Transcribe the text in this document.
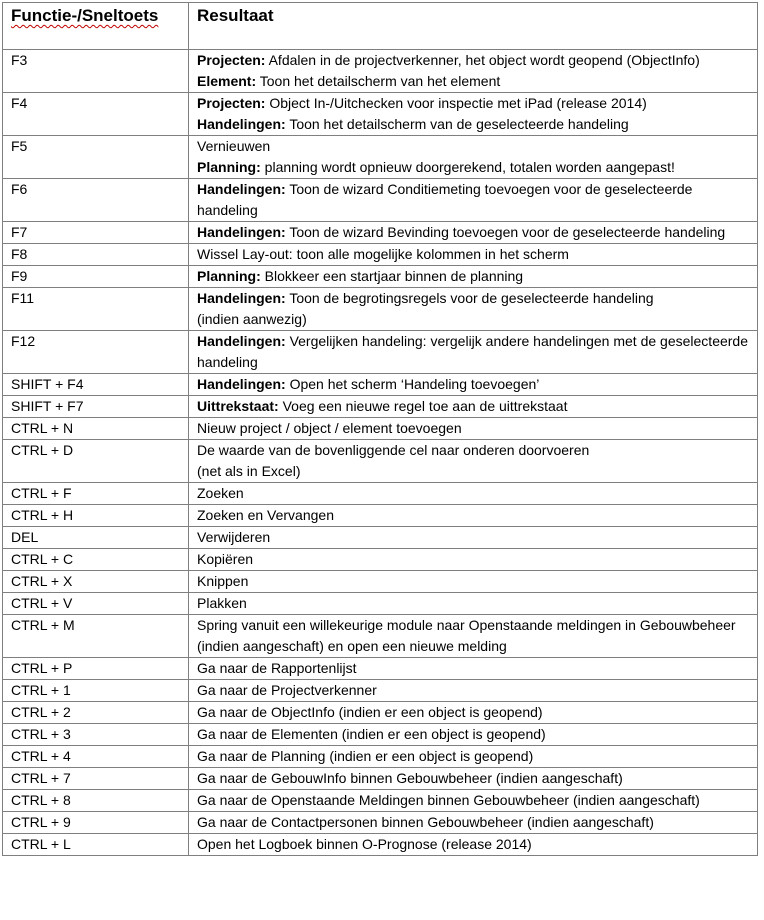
Functie-/Sneltoets	Resultaat
F3	Projecten: Afdalen in de projectverkenner, het object wordt geopend (ObjectInfo)
Element: Toon het detailscherm van het element

F4	Projecten: Object In-/Uitchecken voor inspectie met iPad (release 2014)
Handelingen: Toon het detailscherm van de geselecteerde handeling

F5	Vernieuwen
Planning: planning wordt opnieuw doorgerekend, totalen worden aangepast!

F6	Handelingen: Toon de wizard Conditiemeting toevoegen voor de geselecteerde handeling

F7	Handelingen: Toon de wizard Bevinding toevoegen voor de geselecteerde handeling

F8	Wissel Lay-out: toon alle mogelijke kolommen in het scherm

F9	Planning: Blokkeer een startjaar binnen de planning

F11	Handelingen: Toon de begrotingsregels voor de geselecteerde handeling
(indien aanwezig)

F12	Handelingen: Vergelijken handeling: vergelijk andere handelingen met de geselecteerde handeling

SHIFT + F4	Handelingen: Open het scherm ‘Handeling toevoegen’

SHIFT + F7	Uittrekstaat: Voeg een nieuwe regel toe aan de uittrekstaat

CTRL + N	Nieuw project / object / element toevoegen

CTRL + D	De waarde van de bovenliggende cel naar onderen doorvoeren
(net als in Excel)

CTRL + F	Zoeken

CTRL + H	Zoeken en Vervangen

DEL	Verwijderen

CTRL + C	Kopiëren

CTRL + X	Knippen

CTRL + V	Plakken

CTRL + M	Spring vanuit een willekeurige module naar Openstaande meldingen in Gebouwbeheer (indien aangeschaft) en open een nieuwe melding

CTRL + P	Ga naar de Rapportenlijst

CTRL + 1	Ga naar de Projectverkenner

CTRL + 2	Ga naar de ObjectInfo (indien er een object is geopend)

CTRL + 3	Ga naar de Elementen (indien er een object is geopend)

CTRL + 4	Ga naar de Planning (indien er een object is geopend)

CTRL + 7	Ga naar de GebouwInfo binnen Gebouwbeheer (indien aangeschaft)

CTRL + 8	Ga naar de Openstaande Meldingen binnen Gebouwbeheer (indien aangeschaft)

CTRL + 9	Ga naar de Contactpersonen binnen Gebouwbeheer (indien aangeschaft)

CTRL + L	Open het Logboek binnen O-Prognose (release 2014)
